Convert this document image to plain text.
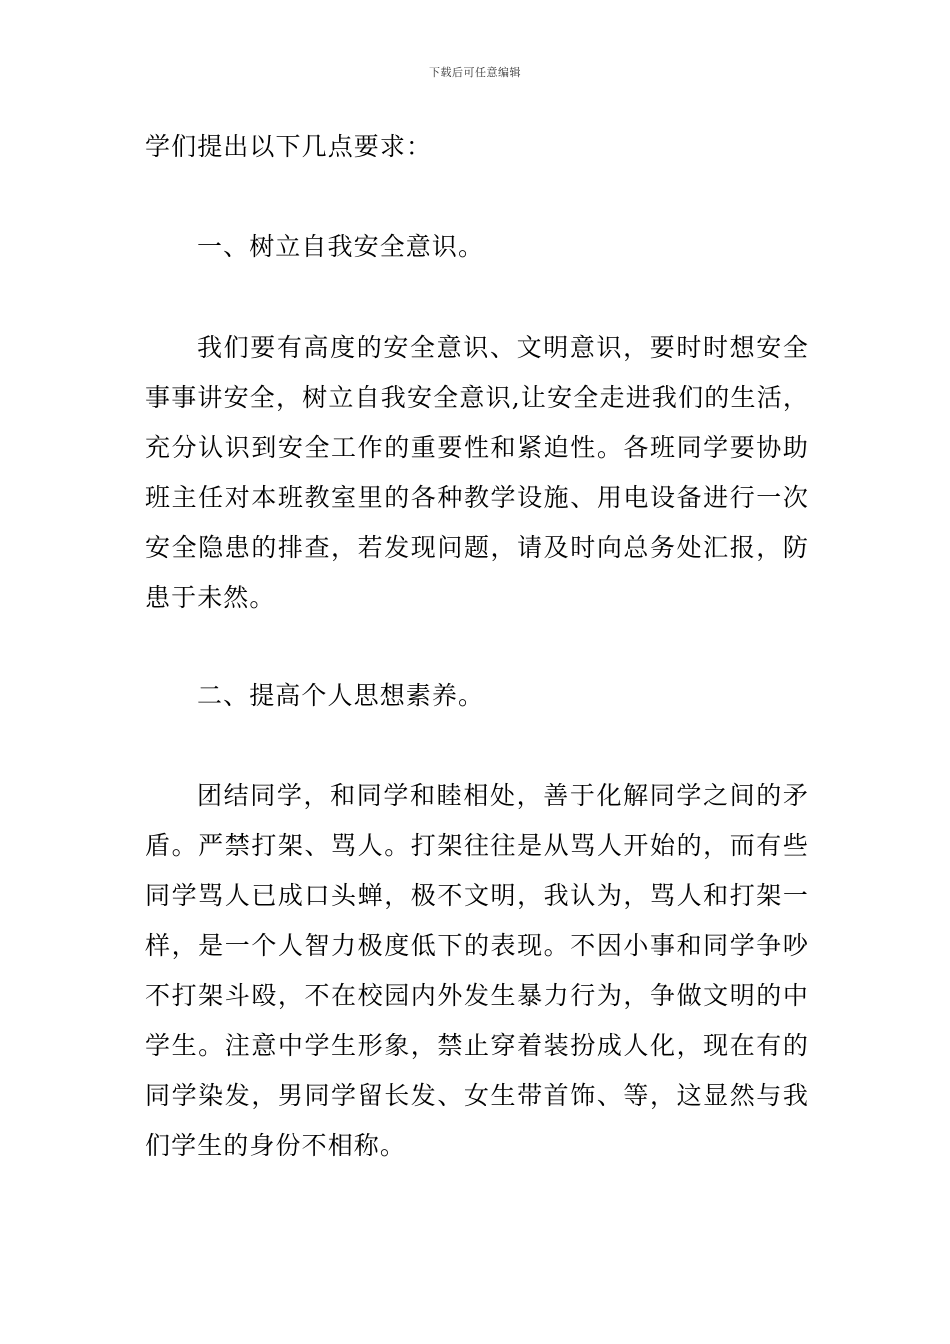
下载后可任意编辑

学们提出以下几点要求：

一、树立自我安全意识。

我们要有高度的安全意识、文明意识，要时时想安全事事讲安全，树立自我安全意识,让安全走进我们的生活，充分认识到安全工作的重要性和紧迫性。各班同学要协助班主任对本班教室里的各种教学设施、用电设备进行一次安全隐患的排查，若发现问题，请及时向总务处汇报，防患于未然。

二、提高个人思想素养。

团结同学，和同学和睦相处，善于化解同学之间的矛盾。严禁打架、骂人。打架往往是从骂人开始的，而有些同学骂人已成口头蝉，极不文明，我认为，骂人和打架一样，是一个人智力极度低下的表现。不因小事和同学争吵不打架斗殴，不在校园内外发生暴力行为，争做文明的中学生。注意中学生形象，禁止穿着装扮成人化，现在有的同学染发，男同学留长发、女生带首饰、等，这显然与我们学生的身份不相称。
